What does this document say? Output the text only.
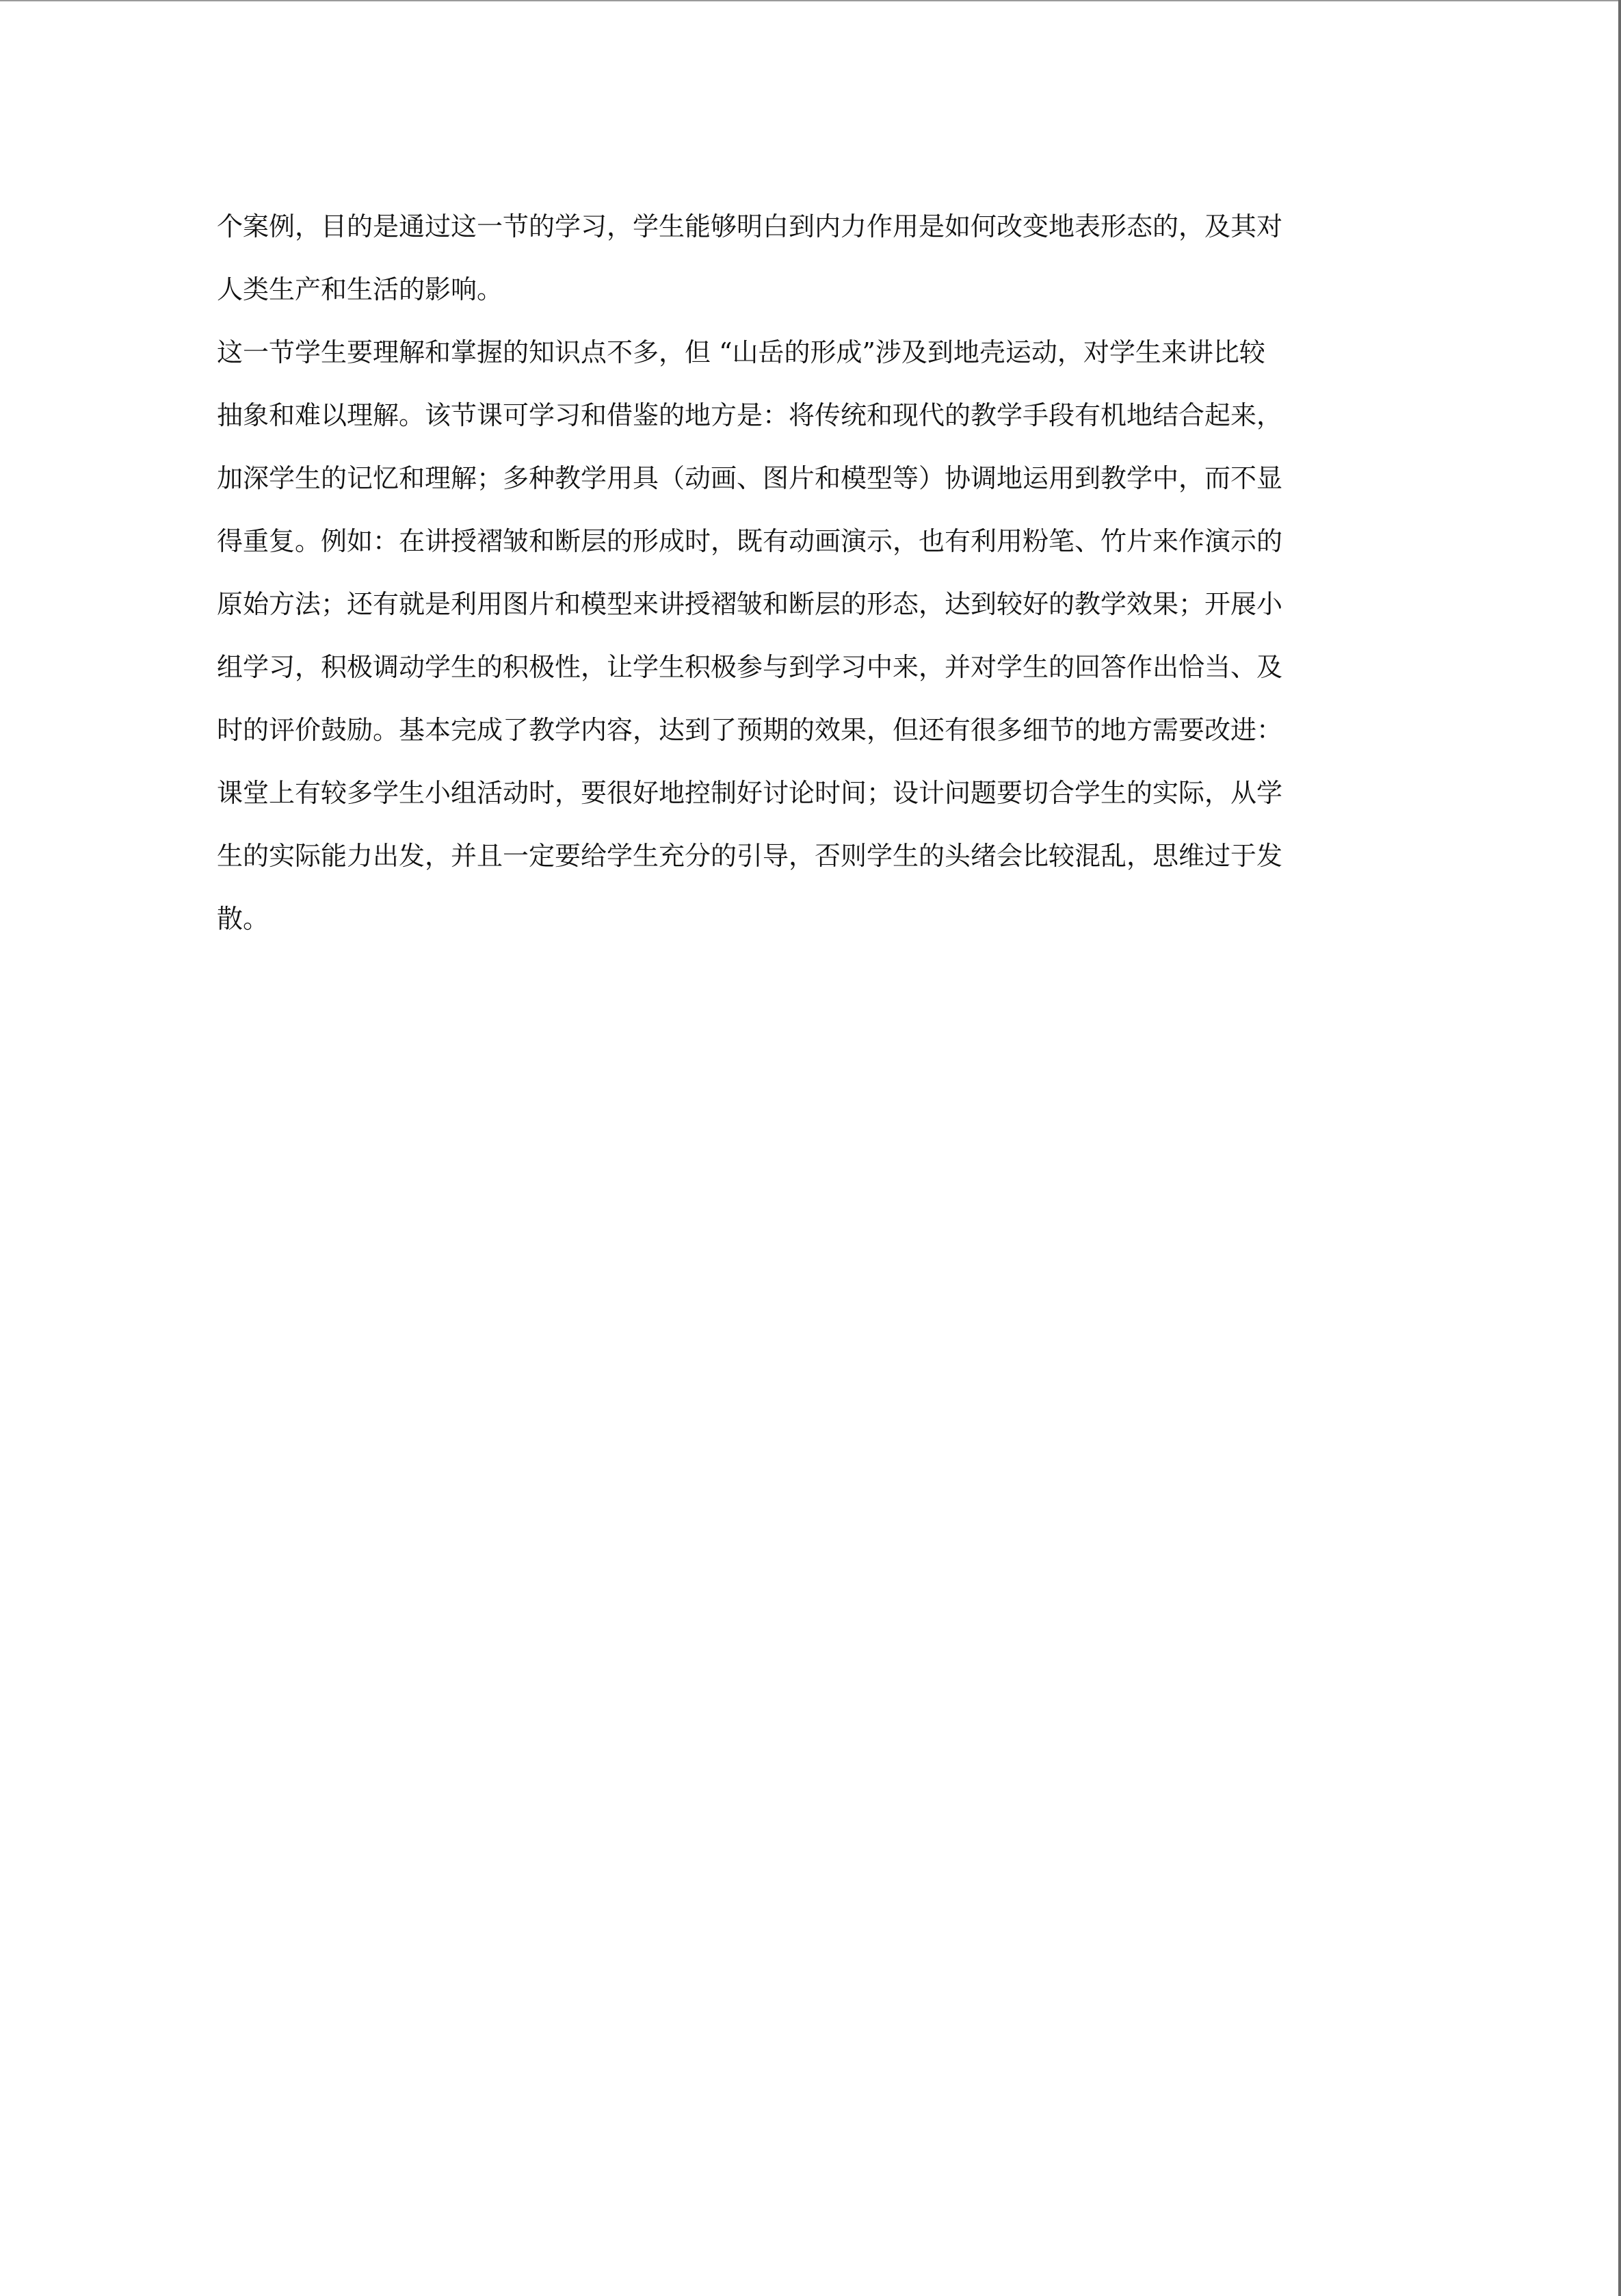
个案例，目的是通过这一节的学习，学生能够明白到内力作用是如何改变地表形态的，及其对
人类生产和生活的影响。
这一节学生要理解和掌握的知识点不多，但 “山岳的形成”涉及到地壳运动，对学生来讲比较
抽象和难以理解。该节课可学习和借鉴的地方是：将传统和现代的教学手段有机地结合起来，
加深学生的记忆和理解；多种教学用具（动画、图片和模型等）协调地运用到教学中，而不显
得重复。例如：在讲授褶皱和断层的形成时，既有动画演示，也有利用粉笔、竹片来作演示的
原始方法；还有就是利用图片和模型来讲授褶皱和断层的形态，达到较好的教学效果；开展小
组学习，积极调动学生的积极性，让学生积极参与到学习中来，并对学生的回答作出恰当、及
时的评价鼓励。基本完成了教学内容，达到了预期的效果，但还有很多细节的地方需要改进：
课堂上有较多学生小组活动时，要很好地控制好讨论时间；设计问题要切合学生的实际，从学
生的实际能力出发，并且一定要给学生充分的引导，否则学生的头绪会比较混乱，思维过于发
散。
